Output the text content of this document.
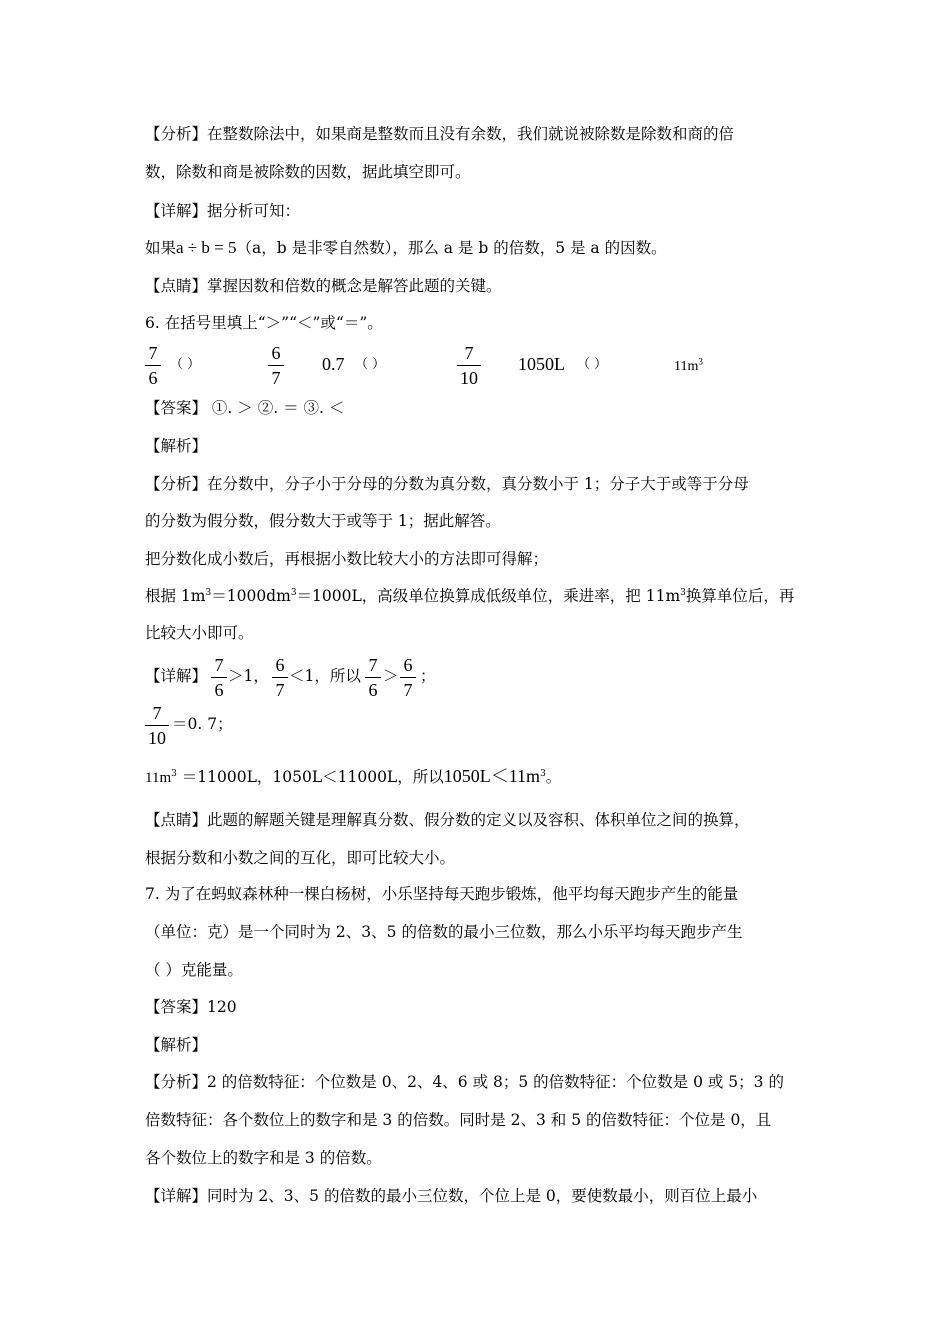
【分析】在整数除法中，如果商是整数而且没有余数，我们就说被除数是除数和商的倍
数，除数和商是被除数的因数，据此填空即可。
【详解】据分析可知：
如果a ÷ b = 5（a，b 是非零自然数），那么 a 是 b 的倍数，5 是 a 的因数。
【点睛】掌握因数和倍数的概念是解答此题的关键。
6. 在括号里填上“＞”“＜”或“＝”。
7
6
（ ）
6
7
0.7 （ ）
7
10
1050L （ ）	$11m^3$
【答案】 ①. ＞ ②. ＝ ③. ＜
【解析】
【分析】在分数中，分子小于分母的分数为真分数，真分数小于 1；分子大于或等于分母
的分数为假分数，假分数大于或等于 1；据此解答。
把分数化成小数后，再根据小数比较大小的方法即可得解；
根据 $1m^3=1000dm^3=1000L$，高级单位换算成低级单位，乘进率，把 $11m^3$换算单位后，再
比较大小即可。
【详解】
7
6
＞1，
6
7
＜1，所以
7
6
＞
6
7
；
7
10
＝0. 7；
$11m^3 =11000L$，1050L＜11000L，所以$1050L<11m^3$。
【点睛】此题的解题关键是理解真分数、假分数的定义以及容积、体积单位之间的换算，
根据分数和小数之间的互化，即可比较大小。
7. 为了在蚂蚁森林种一棵白杨树，小乐坚持每天跑步锻炼，他平均每天跑步产生的能量
（单位：克）是一个同时为 2、3、5 的倍数的最小三位数，那么小乐平均每天跑步产生
（ ）克能量。
【答案】120
【解析】
【分析】2 的倍数特征：个位数是 0、2、4、6 或 8；5 的倍数特征：个位数是 0 或 5；3 的
倍数特征：各个数位上的数字和是 3 的倍数。同时是 2、3 和 5 的倍数特征：个位是 0，且
各个数位上的数字和是 3 的倍数。
【详解】同时为 2、3、5 的倍数的最小三位数，个位上是 0，要使数最小，则百位上最小
